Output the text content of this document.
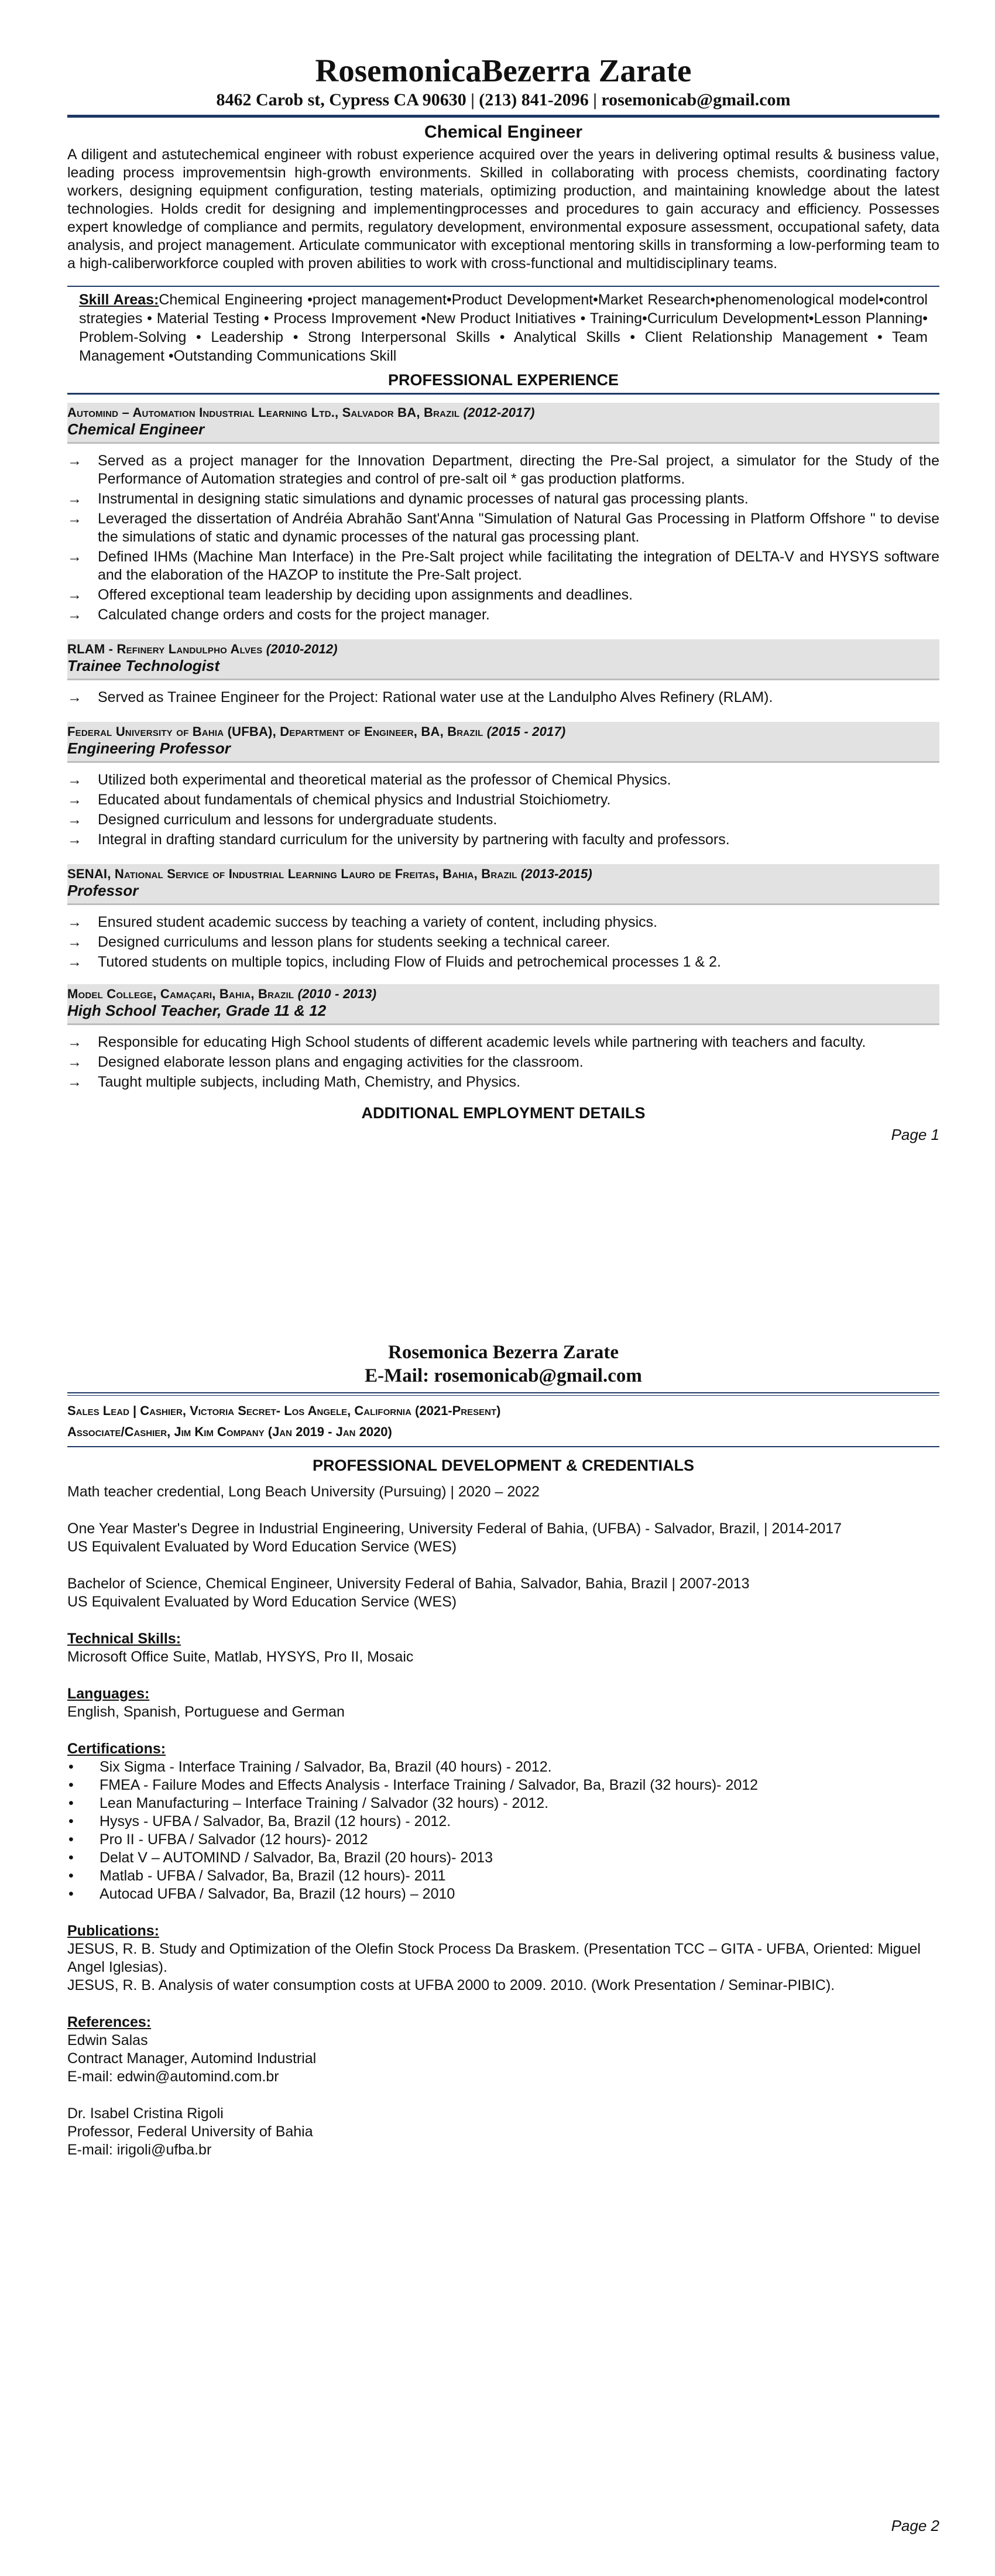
RosemonicaBezerra Zarate
8462 Carob st, Cypress CA 90630 | (213) 841-2096 | rosemonicab@gmail.com
Chemical Engineer

A diligent and astutechemical engineer with robust experience acquired over the years in delivering optimal results & business value, leading process improvementsin high-growth environments. Skilled in collaborating with process chemists, coordinating factory workers, designing equipment configuration, testing materials, optimizing production, and maintaining knowledge about the latest technologies. Holds credit for designing and implementingprocesses and procedures to gain accuracy and efficiency. Possesses expert knowledge of compliance and permits, regulatory development, environmental exposure assessment, occupational safety, data analysis, and project management. Articulate communicator with exceptional mentoring skills in transforming a low-performing team to a high-caliberworkforce coupled with proven abilities to work with cross-functional and multidisciplinary teams.

Skill Areas:Chemical Engineering •project management•Product Development•Market Research•phenomenological model•control strategies • Material Testing • Process Improvement •New Product Initiatives • Training•Curriculum Development•Lesson Planning• Problem-Solving • Leadership • Strong Interpersonal Skills • Analytical Skills • Client Relationship Management • Team Management •Outstanding Communications Skill
PROFESSIONAL EXPERIENCE
Automind – Automation Industrial Learning Ltd., Salvador BA, Brazil (2012-2017)
Chemical Engineer
→	Served as a project manager for the Innovation Department, directing the Pre-Sal project, a simulator for the Study of the Performance of Automation strategies and control of pre-salt oil * gas production platforms.
→	Instrumental in designing static simulations and dynamic processes of natural gas processing plants.
→	Leveraged the dissertation of Andréia Abrahão Sant'Anna "Simulation of Natural Gas Processing in Platform Offshore " to devise the simulations of static and dynamic processes of the natural gas processing plant.
→	Defined IHMs (Machine Man Interface) in the Pre-Salt project while facilitating the integration of DELTA-V and HYSYS software and the elaboration of the HAZOP to institute the Pre-Salt project.
→	Offered exceptional team leadership by deciding upon assignments and deadlines.
→	Calculated change orders and costs for the project manager.
RLAM - Refinery Landulpho Alves (2010-2012)
Trainee Technologist
→	Served as Trainee Engineer for the Project: Rational water use at the Landulpho Alves Refinery (RLAM).
Federal University of Bahia (UFBA), Department of Engineer, BA, Brazil (2015 - 2017)
Engineering Professor
→	Utilized both experimental and theoretical material as the professor of Chemical Physics.
→	Educated about fundamentals of chemical physics and Industrial Stoichiometry.
→	Designed curriculum and lessons for undergraduate students.
→	Integral in drafting standard curriculum for the university by partnering with faculty and professors.
SENAI, National Service of Industrial Learning Lauro de Freitas, Bahia, Brazil (2013-2015)
Professor
→	Ensured student academic success by teaching a variety of content, including physics.
→	Designed curriculums and lesson plans for students seeking a technical career.
→	Tutored students on multiple topics, including Flow of Fluids and petrochemical processes 1 & 2.
Model College, Camaçari, Bahia, Brazil (2010 - 2013)
High School Teacher, Grade 11 & 12
→	Responsible for educating High School students of different academic levels while partnering with teachers and faculty.
→	Designed elaborate lesson plans and engaging activities for the classroom.
→	Taught multiple subjects, including Math, Chemistry, and Physics.
ADDITIONAL EMPLOYMENT DETAILS
Page 1
Rosemonica Bezerra Zarate
E-Mail: rosemonicab@gmail.com
Sales Lead | Cashier, Victoria Secret- Los Angele, California (2021-Present)
Associate/Cashier, Jim Kim Company (Jan 2019 - Jan 2020)
PROFESSIONAL DEVELOPMENT & CREDENTIALS

Math teacher credential, Long Beach University (Pursuing) | 2020 – 2022

One Year Master's Degree in Industrial Engineering, University Federal of Bahia, (UFBA) - Salvador, Brazil, | 2014-2017

US Equivalent Evaluated by Word Education Service (WES)

Bachelor of Science, Chemical Engineer, University Federal of Bahia, Salvador, Bahia, Brazil | 2007-2013

US Equivalent Evaluated by Word Education Service (WES)

Technical Skills:

Microsoft Office Suite, Matlab, HYSYS, Pro II, Mosaic

Languages:

English, Spanish, Portuguese and German

Certifications:

• Six Sigma - Interface Training / Salvador, Ba, Brazil (40 hours) - 2012.
• FMEA - Failure Modes and Effects Analysis - Interface Training / Salvador, Ba, Brazil (32 hours)- 2012
• Lean Manufacturing – Interface Training / Salvador (32 hours) - 2012.
• Hysys - UFBA / Salvador, Ba, Brazil (12 hours) - 2012.
• Pro II - UFBA / Salvador (12 hours)- 2012
• Delat V – AUTOMIND / Salvador, Ba, Brazil (20 hours)- 2013
• Matlab - UFBA / Salvador, Ba, Brazil (12 hours)- 2011
• Autocad UFBA / Salvador, Ba, Brazil (12 hours) – 2010

Publications:

JESUS, R. B. Study and Optimization of the Olefin Stock Process Da Braskem. (Presentation TCC – GITA - UFBA, Oriented: Miguel Angel Iglesias).

JESUS, R. B. Analysis of water consumption costs at UFBA 2000 to 2009. 2010. (Work Presentation / Seminar-PIBIC).

References:

Edwin Salas

Contract Manager, Automind Industrial

E-mail: edwin@automind.com.br

Dr. Isabel Cristina Rigoli

Professor, Federal University of Bahia

E-mail: irigoli@ufba.br

Page 2
